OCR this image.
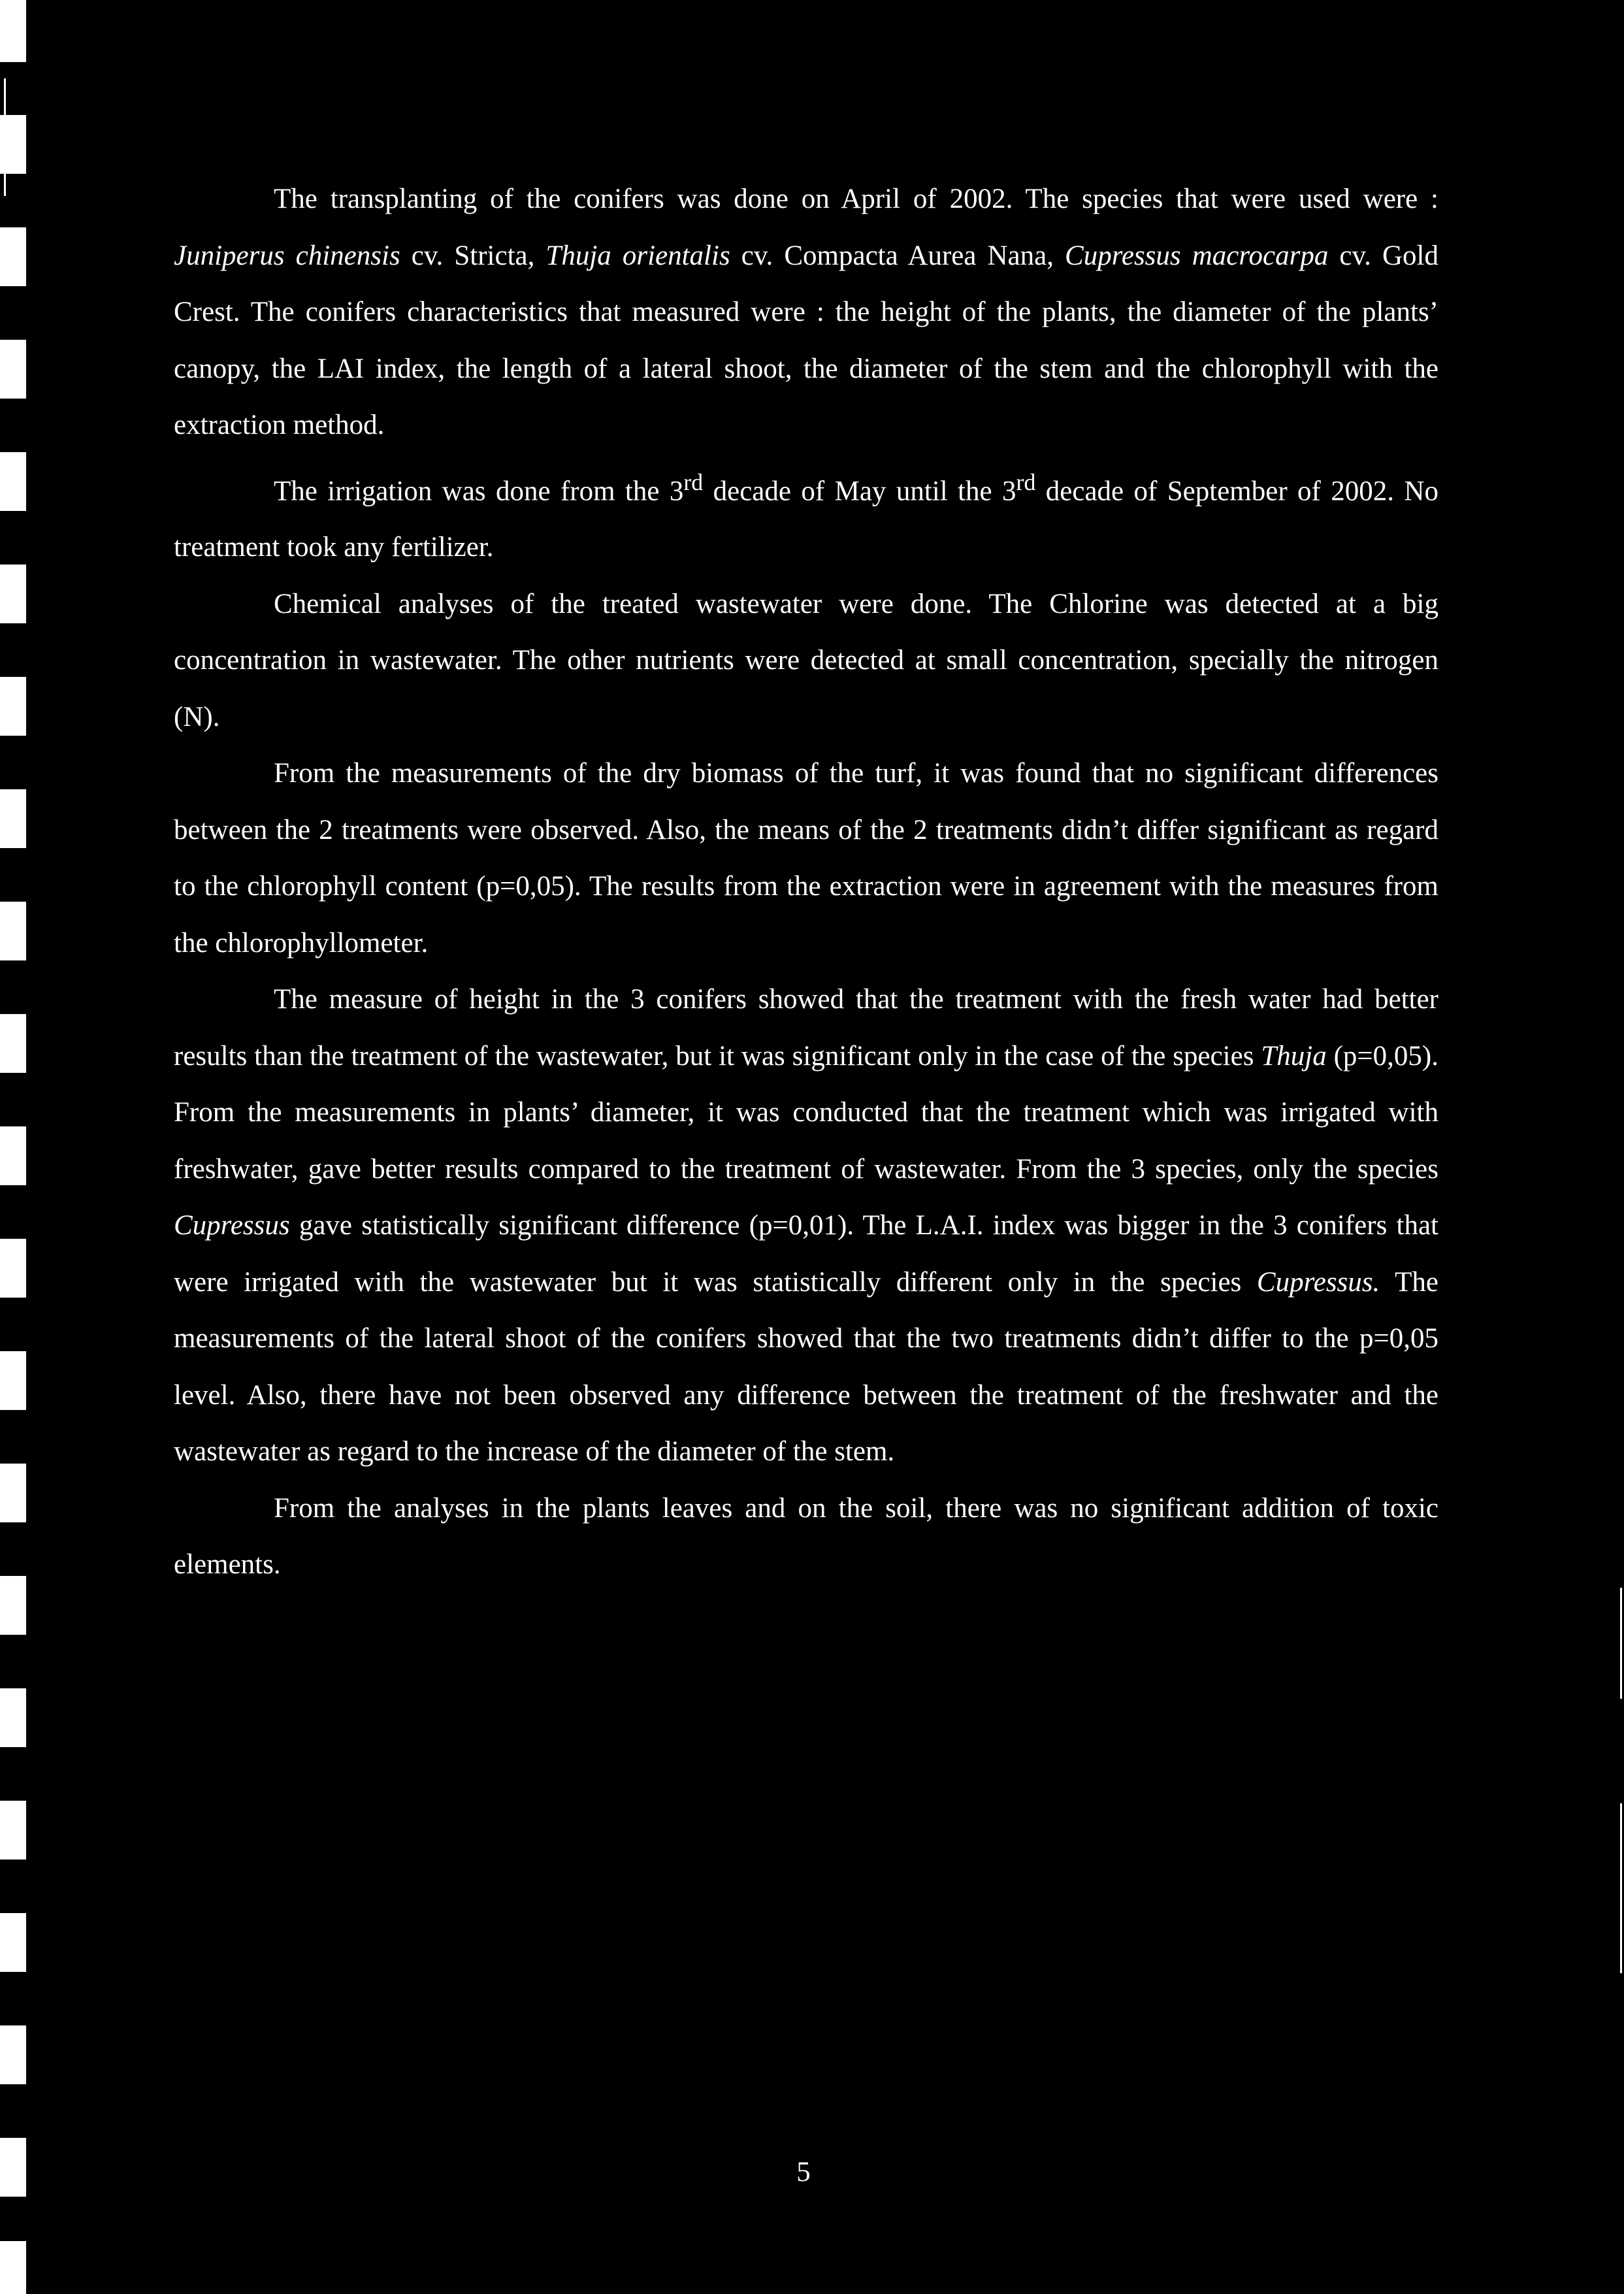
The transplanting of the conifers was done on April of 2002. The species that were used were : Juniperus chinensis cv. Stricta, Thuja orientalis cv. Compacta Aurea Nana, Cupressus macrocarpa cv. Gold Crest. The conifers characteristics that measured were : the height of the plants, the diameter of the plants’ canopy, the LAI index, the length of a lateral shoot, the diameter of the stem and the chlorophyll with the extraction method.

The irrigation was done from the 3rd decade of May until the 3rd decade of September of 2002. No treatment took any fertilizer.

Chemical analyses of the treated wastewater were done. The Chlorine was detected at a big concentration in wastewater. The other nutrients were detected at small concentration, specially the nitrogen (N).

From the measurements of the dry biomass of the turf, it was found that no significant differences between the 2 treatments were observed. Also, the means of the 2 treatments didn’t differ significant as regard to the chlorophyll content (p=0,05). The results from the extraction were in agreement with the measures from the chlorophyllometer.

The measure of height in the 3 conifers showed that the treatment with the fresh water had better results than the treatment of the wastewater, but it was significant only in the case of the species Thuja (p=0,05). From the measurements in plants’ diameter, it was conducted that the treatment which was irrigated with freshwater, gave better results compared to the treatment of wastewater. From the 3 species, only the species Cupressus gave statistically significant difference (p=0,01). The L.A.I. index was bigger in the 3 conifers that were irrigated with the wastewater but it was statistically different only in the species Cupressus. The measurements of the lateral shoot of the conifers showed that the two treatments didn’t differ to the p=0,05 level. Also, there have not been observed any difference between the treatment of the freshwater and the wastewater as regard to the increase of the diameter of the stem.

From the analyses in the plants leaves and on the soil, there was no significant addition of toxic elements.

5
